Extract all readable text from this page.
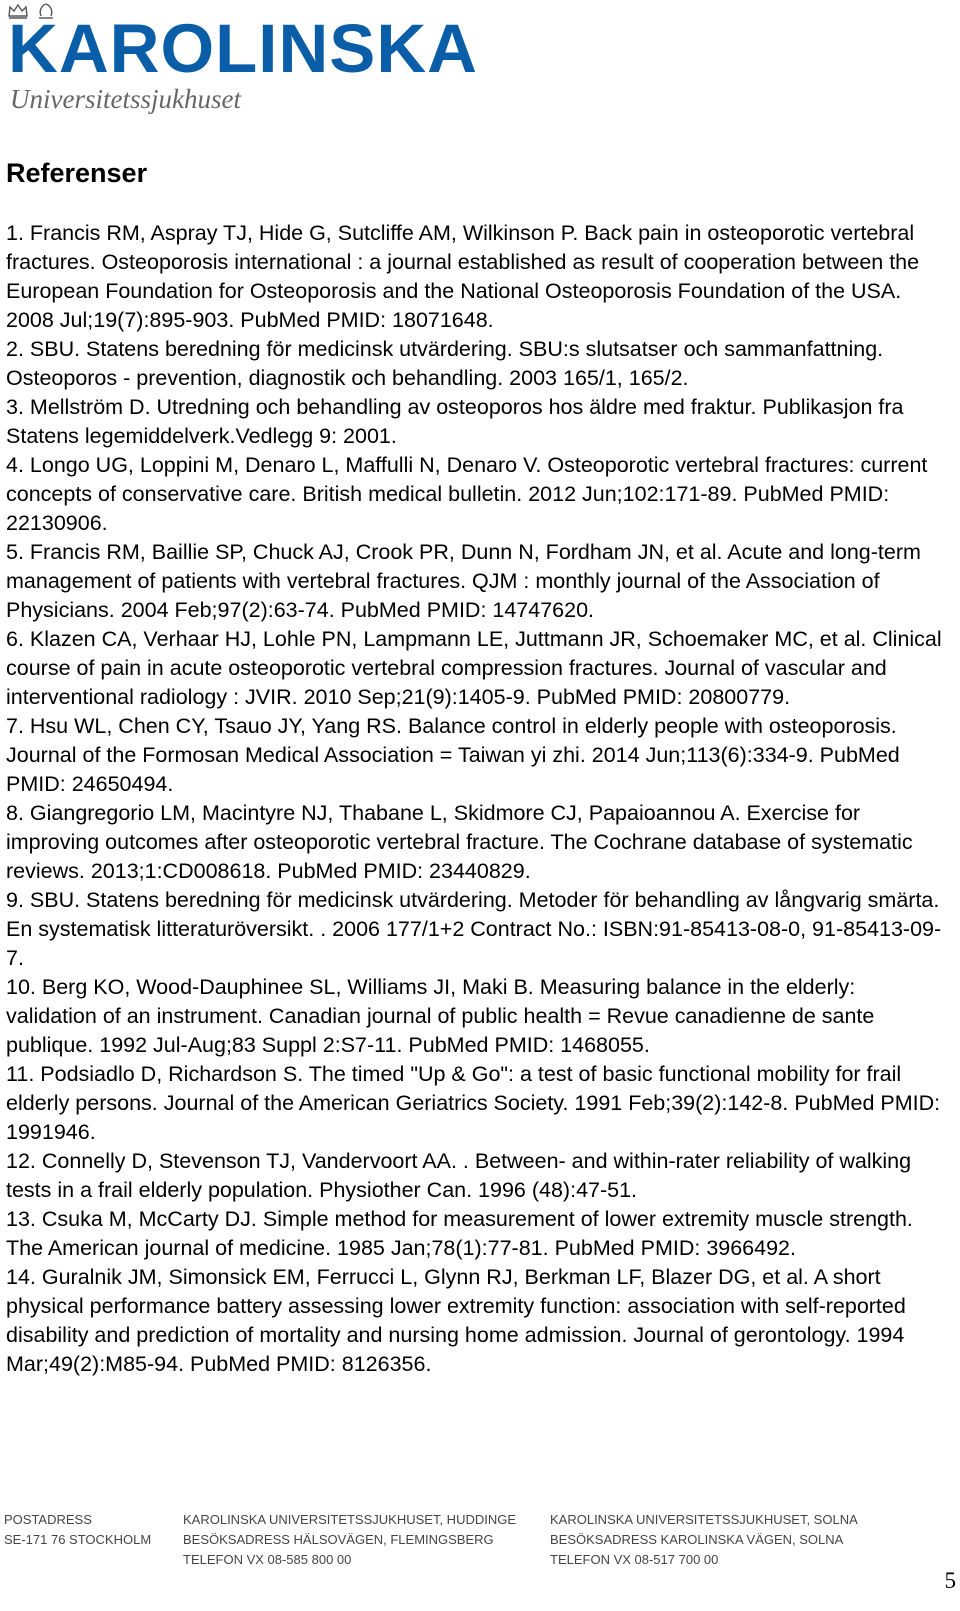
KAROLINSKA
Universitetssjukhuset
Referenser

1. Francis RM, Aspray TJ, Hide G, Sutcliffe AM, Wilkinson P. Back pain in osteoporotic vertebral fractures. Osteoporosis international : a journal established as result of cooperation between the European Foundation for Osteoporosis and the National Osteoporosis Foundation of the USA. 2008 Jul;19(7):895-903. PubMed PMID: 18071648.

2. SBU. Statens beredning för medicinsk utvärdering. SBU:s slutsatser och sammanfattning. Osteoporos - prevention, diagnostik och behandling. 2003 165/1, 165/2.

3. Mellström D. Utredning och behandling av osteoporos hos äldre med fraktur. Publikasjon fra Statens legemiddelverk.Vedlegg 9: 2001.

4. Longo UG, Loppini M, Denaro L, Maffulli N, Denaro V. Osteoporotic vertebral fractures: current concepts of conservative care. British medical bulletin. 2012 Jun;102:171-89. PubMed PMID: 22130906.

5. Francis RM, Baillie SP, Chuck AJ, Crook PR, Dunn N, Fordham JN, et al. Acute and long-term management of patients with vertebral fractures. QJM : monthly journal of the Association of Physicians. 2004 Feb;97(2):63-74. PubMed PMID: 14747620.

6. Klazen CA, Verhaar HJ, Lohle PN, Lampmann LE, Juttmann JR, Schoemaker MC, et al. Clinical course of pain in acute osteoporotic vertebral compression fractures. Journal of vascular and interventional radiology : JVIR. 2010 Sep;21(9):1405-9. PubMed PMID: 20800779.

7. Hsu WL, Chen CY, Tsauo JY, Yang RS. Balance control in elderly people with osteoporosis. Journal of the Formosan Medical Association = Taiwan yi zhi. 2014 Jun;113(6):334-9. PubMed PMID: 24650494.

8. Giangregorio LM, Macintyre NJ, Thabane L, Skidmore CJ, Papaioannou A. Exercise for improving outcomes after osteoporotic vertebral fracture. The Cochrane database of systematic reviews. 2013;1:CD008618. PubMed PMID: 23440829.

9. SBU. Statens beredning för medicinsk utvärdering. Metoder för behandling av långvarig smärta. En systematisk litteraturöversikt. . 2006 177/1+2 Contract No.: ISBN:91-85413-08-0, 91-85413-09-7.

10. Berg KO, Wood-Dauphinee SL, Williams JI, Maki B. Measuring balance in the elderly: validation of an instrument. Canadian journal of public health = Revue canadienne de sante publique. 1992 Jul-Aug;83 Suppl 2:S7-11. PubMed PMID: 1468055.

11. Podsiadlo D, Richardson S. The timed "Up & Go": a test of basic functional mobility for frail elderly persons. Journal of the American Geriatrics Society. 1991 Feb;39(2):142-8. PubMed PMID: 1991946.

12. Connelly D, Stevenson TJ, Vandervoort AA. . Between- and within-rater reliability of walking tests in a frail elderly population. Physiother Can. 1996 (48):47-51.

13. Csuka M, McCarty DJ. Simple method for measurement of lower extremity muscle strength. The American journal of medicine. 1985 Jan;78(1):77-81. PubMed PMID: 3966492.

14. Guralnik JM, Simonsick EM, Ferrucci L, Glynn RJ, Berkman LF, Blazer DG, et al. A short physical performance battery assessing lower extremity function: association with self-reported disability and prediction of mortality and nursing home admission. Journal of gerontology. 1994 Mar;49(2):M85-94. PubMed PMID: 8126356.

POSTADRESS
SE-171 76 STOCKHOLM
KAROLINSKA UNIVERSITETSSJUKHUSET, HUDDINGE
BESÖKSADRESS HÄLSOVÄGEN, FLEMINGSBERG
TELEFON VX 08-585 800 00
KAROLINSKA UNIVERSITETSSJUKHUSET, SOLNA
BESÖKSADRESS KAROLINSKA VÄGEN, SOLNA
TELEFON VX 08-517 700 00
5
